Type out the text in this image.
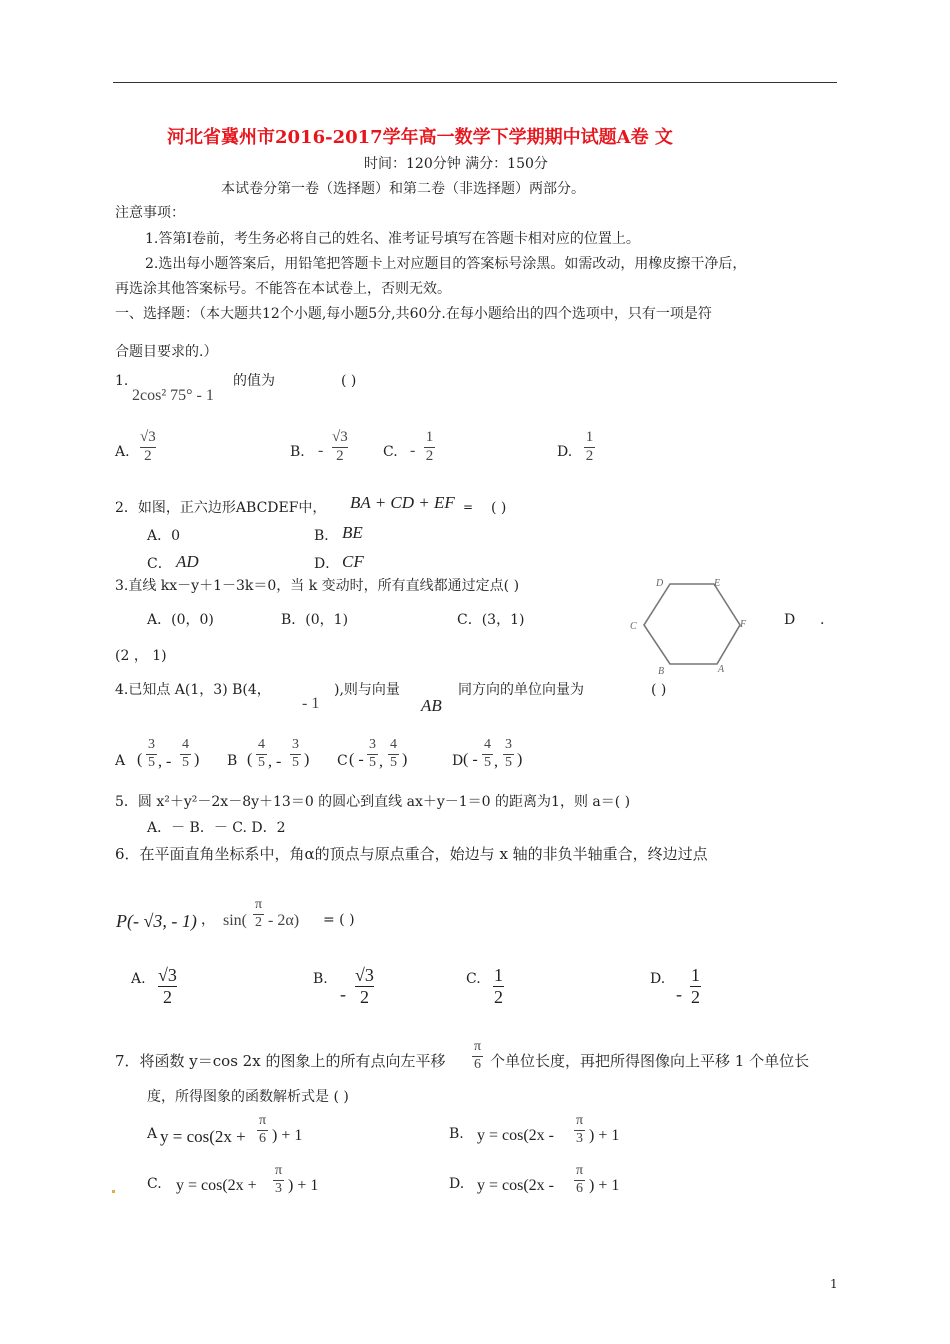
河北省冀州市2016-2017学年高一数学下学期期中试题A卷 文
时间：120分钟 满分：150分
本试卷分第一卷（选择题）和第二卷（非选择题）两部分。
注意事项：
1.答第Ⅰ卷前，考生务必将自己的姓名、准考证号填写在答题卡相对应的位置上。
2.选出每小题答案后，用铅笔把答题卡上对应题目的答案标号涂黑。如需改动，用橡皮擦干净后，
再选涂其他答案标号。不能答在本试卷上，否则无效。
一、选择题：（本大题共12个小题,每小题5分,共60分.在每小题给出的四个选项中，只有一项是符
合题目要求的.）
1.
2cos² 75° - 1
的值为	( )
A.
√3
2	B. -
√3
2	C. -
1
2	D.
1
2
2．如图，正六边形ABCDEF中， BA + CD + EF = ( )
A．0	B． BE
C． AD	D． CF
3.直线 kx－y＋1－3k＝0，当 k 变动时，所有直线都通过定点( )
A．(0，0)	B．(0，1)	C．(3，1)	D .
(2 ， 1)
D	E
C	F
B	A
4.已知点 A(1，3) B(4，
- 1
),则与向量
AB
同方向的单位向量为	( )
A (
3
5 , -
4
5 ) B (
4
5 , -
3
5 ) C ( -
3
5 ,
4
5 )	D ( -
4
5 ,
3
5 )
5．圆 x²＋y²－2x－8y＋13＝0 的圆心到直线 ax＋y－1＝0 的距离为1，则 a＝( )
A．－ B．－ C. D．2
6．在平面直角坐标系中，角α的顶点与原点重合，始边与 x 轴的非负半轴重合，终边过点
P(- √3, - 1) ， sin(
π
2 - 2α) = ( )
A. √3
2
B.
-
√3
2
C. 1
2
D.
-
1
2
7．将函数 y＝cos 2x 的图象上的所有点向左平移
π
6 个单位长度，再把所得图像向上平移 1 个单位长
度，所得图象的函数解析式是 ( )
A y = cos(2x +
π
6 ) + 1	B. y = cos(2x -
π
3 ) + 1
C. y = cos(2x +
π
3 ) + 1	D. y = cos(2x -
π
6 ) + 1
1
